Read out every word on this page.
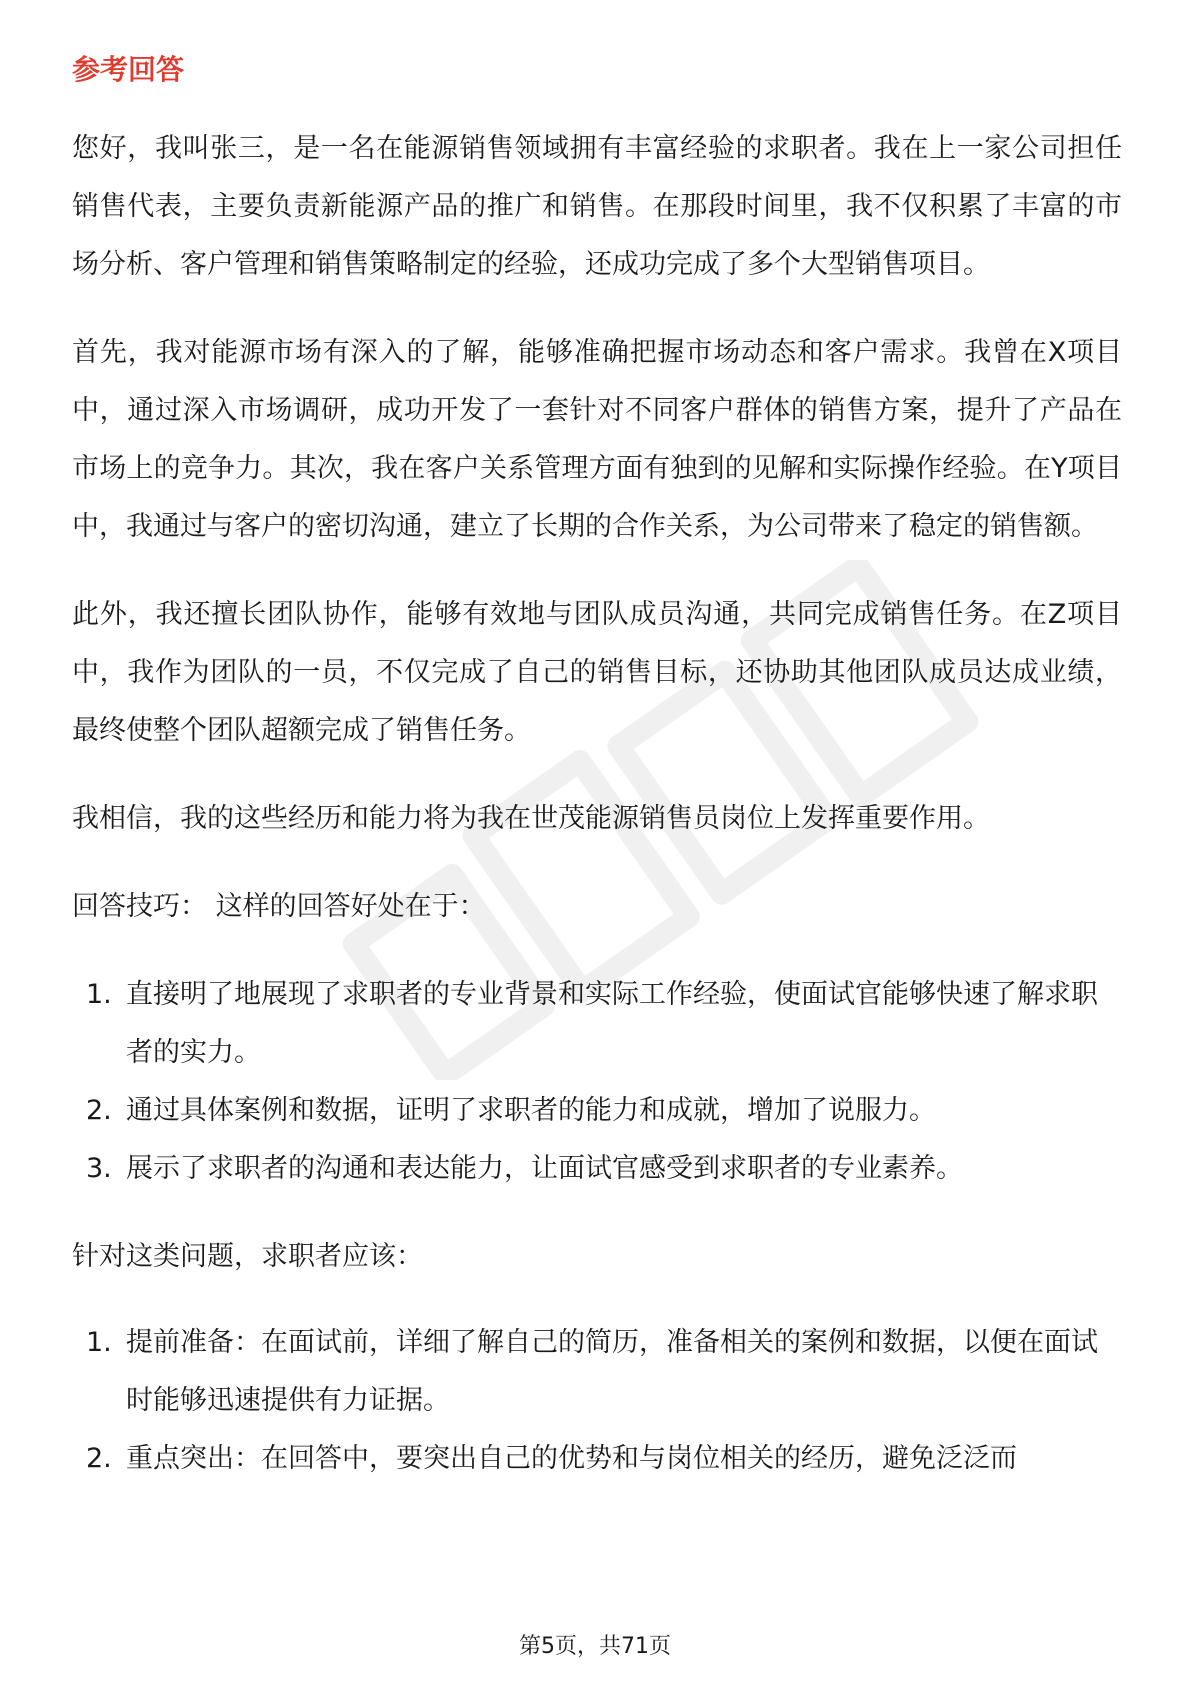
参考回答

您好，我叫张三，是一名在能源销售领域拥有丰富经验的求职者。我在上一家公司担任销售代表，主要负责新能源产品的推广和销售。在那段时间里，我不仅积累了丰富的市场分析、客户管理和销售策略制定的经验，还成功完成了多个大型销售项目。

首先，我对能源市场有深入的了解，能够准确把握市场动态和客户需求。我曾在X项目中，通过深入市场调研，成功开发了一套针对不同客户群体的销售方案，提升了产品在市场上的竞争力。其次，我在客户关系管理方面有独到的见解和实际操作经验。在Y项目中，我通过与客户的密切沟通，建立了长期的合作关系，为公司带来了稳定的销售额。

此外，我还擅长团队协作，能够有效地与团队成员沟通，共同完成销售任务。在Z项目中，我作为团队的一员，不仅完成了自己的销售目标，还协助其他团队成员达成业绩，最终使整个团队超额完成了销售任务。

我相信，我的这些经历和能力将为我在世茂能源销售员岗位上发挥重要作用。

回答技巧： 这样的回答好处在于：

1. 直接明了地展现了求职者的专业背景和实际工作经验，使面试官能够快速了解求职者的实力。
2. 通过具体案例和数据，证明了求职者的能力和成就，增加了说服力。
3. 展示了求职者的沟通和表达能力，让面试官感受到求职者的专业素养。

针对这类问题，求职者应该：

1. 提前准备：在面试前，详细了解自己的简历，准备相关的案例和数据，以便在面试时能够迅速提供有力证据。
2. 重点突出：在回答中，要突出自己的优势和与岗位相关的经历，避免泛泛而
第5页，共71页
